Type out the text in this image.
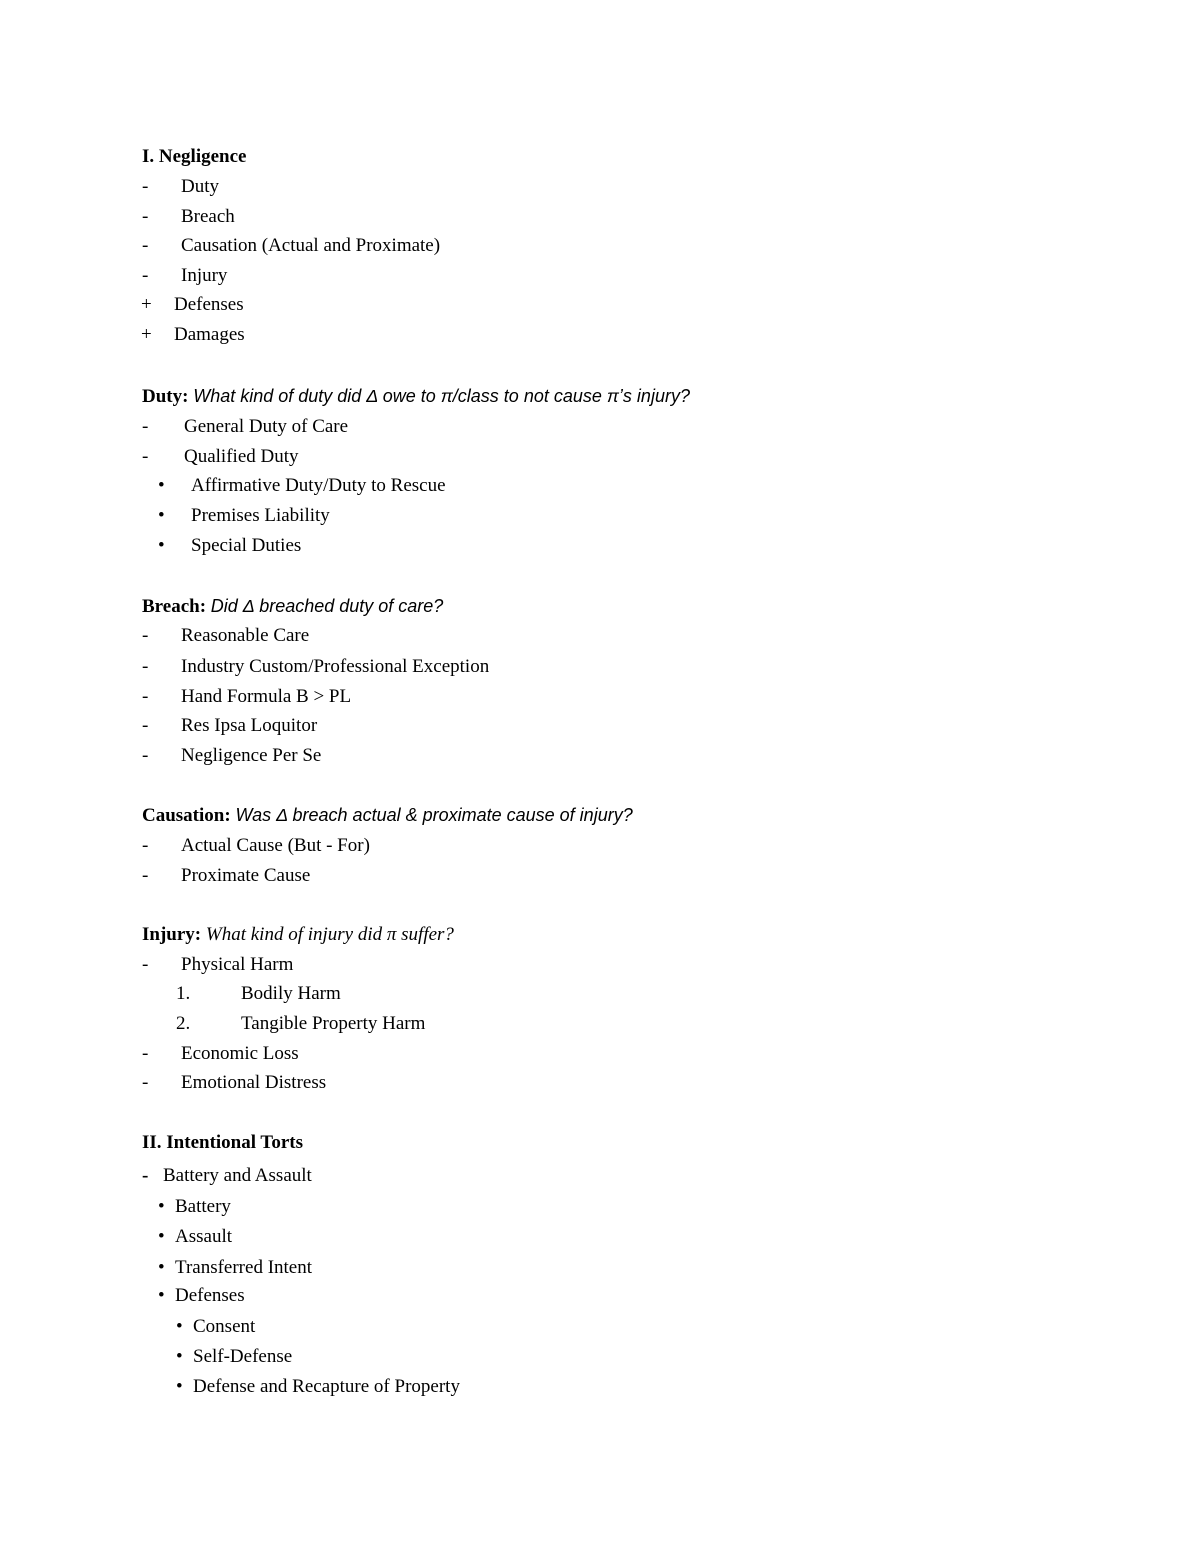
I. Negligence
- Duty
- Breach
- Causation (Actual and Proximate)
- Injury
+ Defenses
+ Damages
Duty: What kind of duty did Δ owe to π/class to not cause π’s injury?
- General Duty of Care
- Qualified Duty
• Affirmative Duty/Duty to Rescue
• Premises Liability
• Special Duties
Breach: Did Δ breached duty of care?
- Reasonable Care
- Industry Custom/Professional Exception
- Hand Formula B > PL
- Res Ipsa Loquitor
- Negligence Per Se
Causation: Was Δ breach actual & proximate cause of injury?
- Actual Cause (But - For)
- Proximate Cause
Injury: What kind of injury did π suffer?
- Physical Harm
1.	Bodily Harm
2.	Tangible Property Harm
- Economic Loss
- Emotional Distress
II. Intentional Torts
- Battery and Assault
• Battery
• Assault
• Transferred Intent
• Defenses
• Consent
• Self-Defense
• Defense and Recapture of Property
